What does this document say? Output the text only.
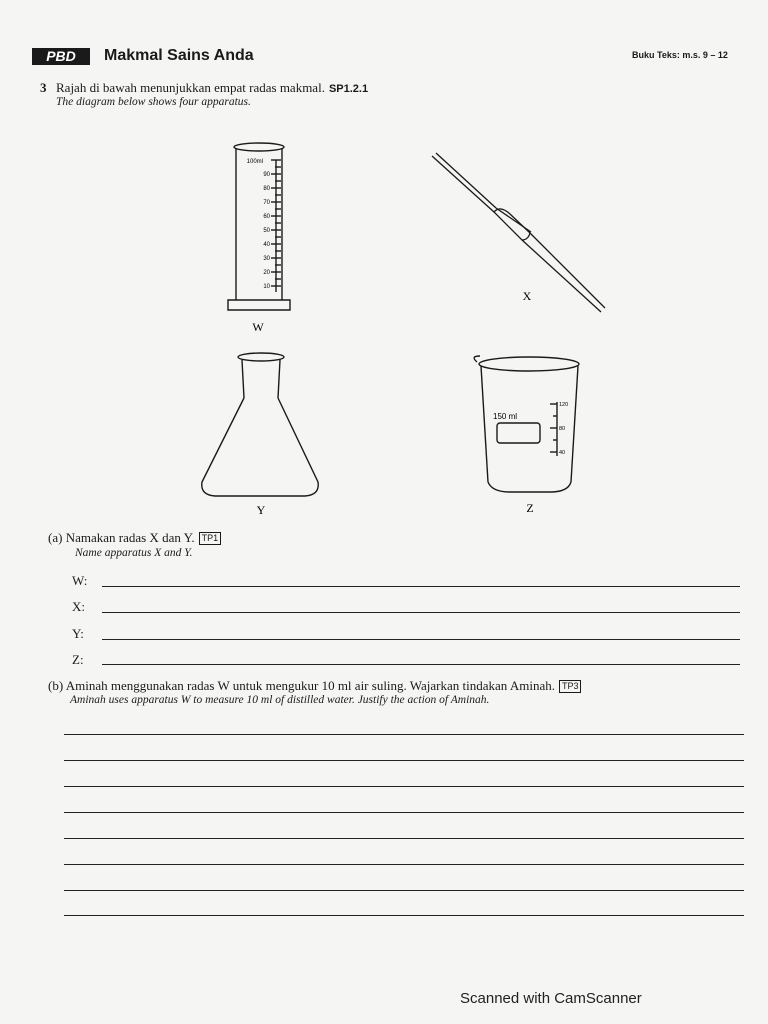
PBD	Makmal Sains Anda	Buku Teks: m.s. 9 – 12
3 Rajah di bawah menunjukkan empat radas makmal. SP1.2.1
The diagram below shows four apparatus.
100ml
90
80
70
60
50
40
30
20
10
150 ml
120
80
40
W
X
Y	Z
(a) Namakan radas X dan Y. TP1
Name apparatus X and Y.
W:
X:
Y:
Z:
(b) Aminah menggunakan radas W untuk mengukur 10 ml air suling. Wajarkan tindakan Aminah. TP3
Aminah uses apparatus W to measure 10 ml of distilled water. Justify the action of Aminah.
Scanned with CamScanner
